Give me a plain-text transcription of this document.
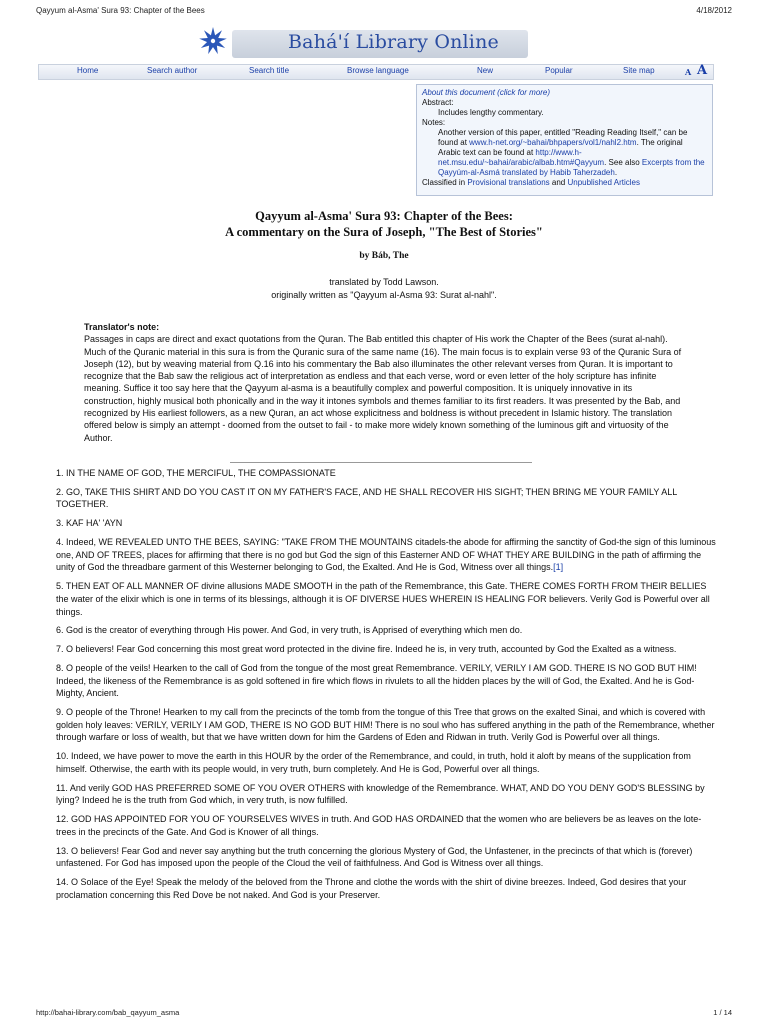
Qayyum al-Asma' Sura 93: Chapter of the Bees	4/18/2012
Bahá'í Library Online
Home	Search author	Search title	Browse language	New	Popular	Site map	A A
About this document (click for more)
Abstract:
Includes lengthy commentary.
Notes:
Another version of this paper, entitled "Reading Reading Itself," can be found at www.h-net.org/~bahai/bhpapers/vol1/nahl2.htm. The original Arabic text can be found at http://www.h-net.msu.edu/~bahai/arabic/albab.htm#Qayyum. See also Excerpts from the Qayyúm-al-Asmá translated by Habib Taherzadeh.
Classified in Provisional translations and Unpublished Articles
Qayyum al-Asma' Sura 93: Chapter of the Bees:
A commentary on the Sura of Joseph, "The Best of Stories"
by Báb, The
translated by Todd Lawson.
originally written as "Qayyum al-Asma 93: Surat al-nahl".
Translator's note:
Passages in caps are direct and exact quotations from the Quran. The Bab entitled this chapter of His work the Chapter of the Bees (surat al-nahl). Much of the Quranic material in this sura is from the Quranic sura of the same name (16). The main focus is to explain verse 93 of the Quranic Sura of Joseph (12), but by weaving material from Q.16 into his commentary the Bab also illuminates the other relevant verses from Quran. It is important to recognize that the Bab saw the religious act of interpretation as endless and that each verse, word or even letter of the holy scripture has infinite meaning. Suffice it too say here that the Qayyum al-asma is a beautifully complex and powerful composition. It is uniquely innovative in its construction, highly musical both phonically and in the way it intones symbols and themes familiar to its first readers. It was presented by the Bab, and recognized by His earliest followers, as a new Quran, an act whose explicitness and boldness is without precedent in Islamic history. The translation offered below is simply an attempt - doomed from the outset to fail - to make more widely known something of the luminous gift and virtuosity of the Author.

1. IN THE NAME OF GOD, THE MERCIFUL, THE COMPASSIONATE

2. GO, TAKE THIS SHIRT AND DO YOU CAST IT ON MY FATHER'S FACE, AND HE SHALL RECOVER HIS SIGHT; THEN BRING ME YOUR FAMILY ALL TOGETHER.

3. KAF HA' 'AYN

4. Indeed, WE REVEALED UNTO THE BEES, SAYING: "TAKE FROM THE MOUNTAINS citadels-the abode for affirming the sanctity of God-the sign of this luminous one, AND OF TREES, places for affirming that there is no god but God the sign of this Easterner AND OF WHAT THEY ARE BUILDING in the path of affirming the unity of God the threadbare garment of this Westerner belonging to God, the Exalted. And He is God, Witness over all things.[1]

5. THEN EAT OF ALL MANNER OF divine allusions MADE SMOOTH in the path of the Remembrance, this Gate. THERE COMES FORTH FROM THEIR BELLIES the water of the elixir which is one in terms of its blessings, although it is OF DIVERSE HUES WHEREIN IS HEALING FOR believers. Verily God is Powerful over all things.

6. God is the creator of everything through His power. And God, in very truth, is Apprised of everything which men do.

7. O believers! Fear God concerning this most great word protected in the divine fire. Indeed he is, in very truth, accounted by God the Exalted as a witness.

8. O people of the veils! Hearken to the call of God from the tongue of the most great Remembrance. VERILY, VERILY I AM GOD. THERE IS NO GOD BUT HIM! Indeed, the likeness of the Remembrance is as gold softened in fire which flows in rivulets to all the hidden places by the will of God, the Exalted. And he is God-Mighty, Ancient.

9. O people of the Throne! Hearken to my call from the precincts of the tomb from the tongue of this Tree that grows on the exalted Sinai, and which is covered with golden holy leaves: VERILY, VERILY I AM GOD, THERE IS NO GOD BUT HIM! There is no soul who has suffered anything in the path of the Remembrance, whether through warfare or loss of wealth, but that we have written down for him the Gardens of Eden and Ridwan in truth. Verily God is Powerful over all things.

10. Indeed, we have power to move the earth in this HOUR by the order of the Remembrance, and could, in truth, hold it aloft by means of the supplication from himself. Otherwise, the earth with its people would, in very truth, burn completely. And He is God, Powerful over all things.

11. And verily GOD HAS PREFERRED SOME OF YOU OVER OTHERS with knowledge of the Remembrance. WHAT, AND DO YOU DENY GOD'S BLESSING by lying? Indeed he is the truth from God which, in very truth, is now fulfilled.

12. GOD HAS APPOINTED FOR YOU OF YOURSELVES WIVES in truth. And GOD HAS ORDAINED that the women who are believers be as leaves on the lote- trees in the precincts of the Gate. And God is Knower of all things.

13. O believers! Fear God and never say anything but the truth concerning the glorious Mystery of God, the Unfastener, in the precincts of that which is (forever) unfastened. For God has imposed upon the people of the Cloud the veil of faithfulness. And God is Witness over all things.

14. O Solace of the Eye! Speak the melody of the beloved from the Throne and clothe the words with the shirt of divine breezes. Indeed, God desires that your proclamation concerning this Red Dove be not naked. And God is your Preserver.

http://bahai-library.com/bab_qayyum_asma	1 / 14
